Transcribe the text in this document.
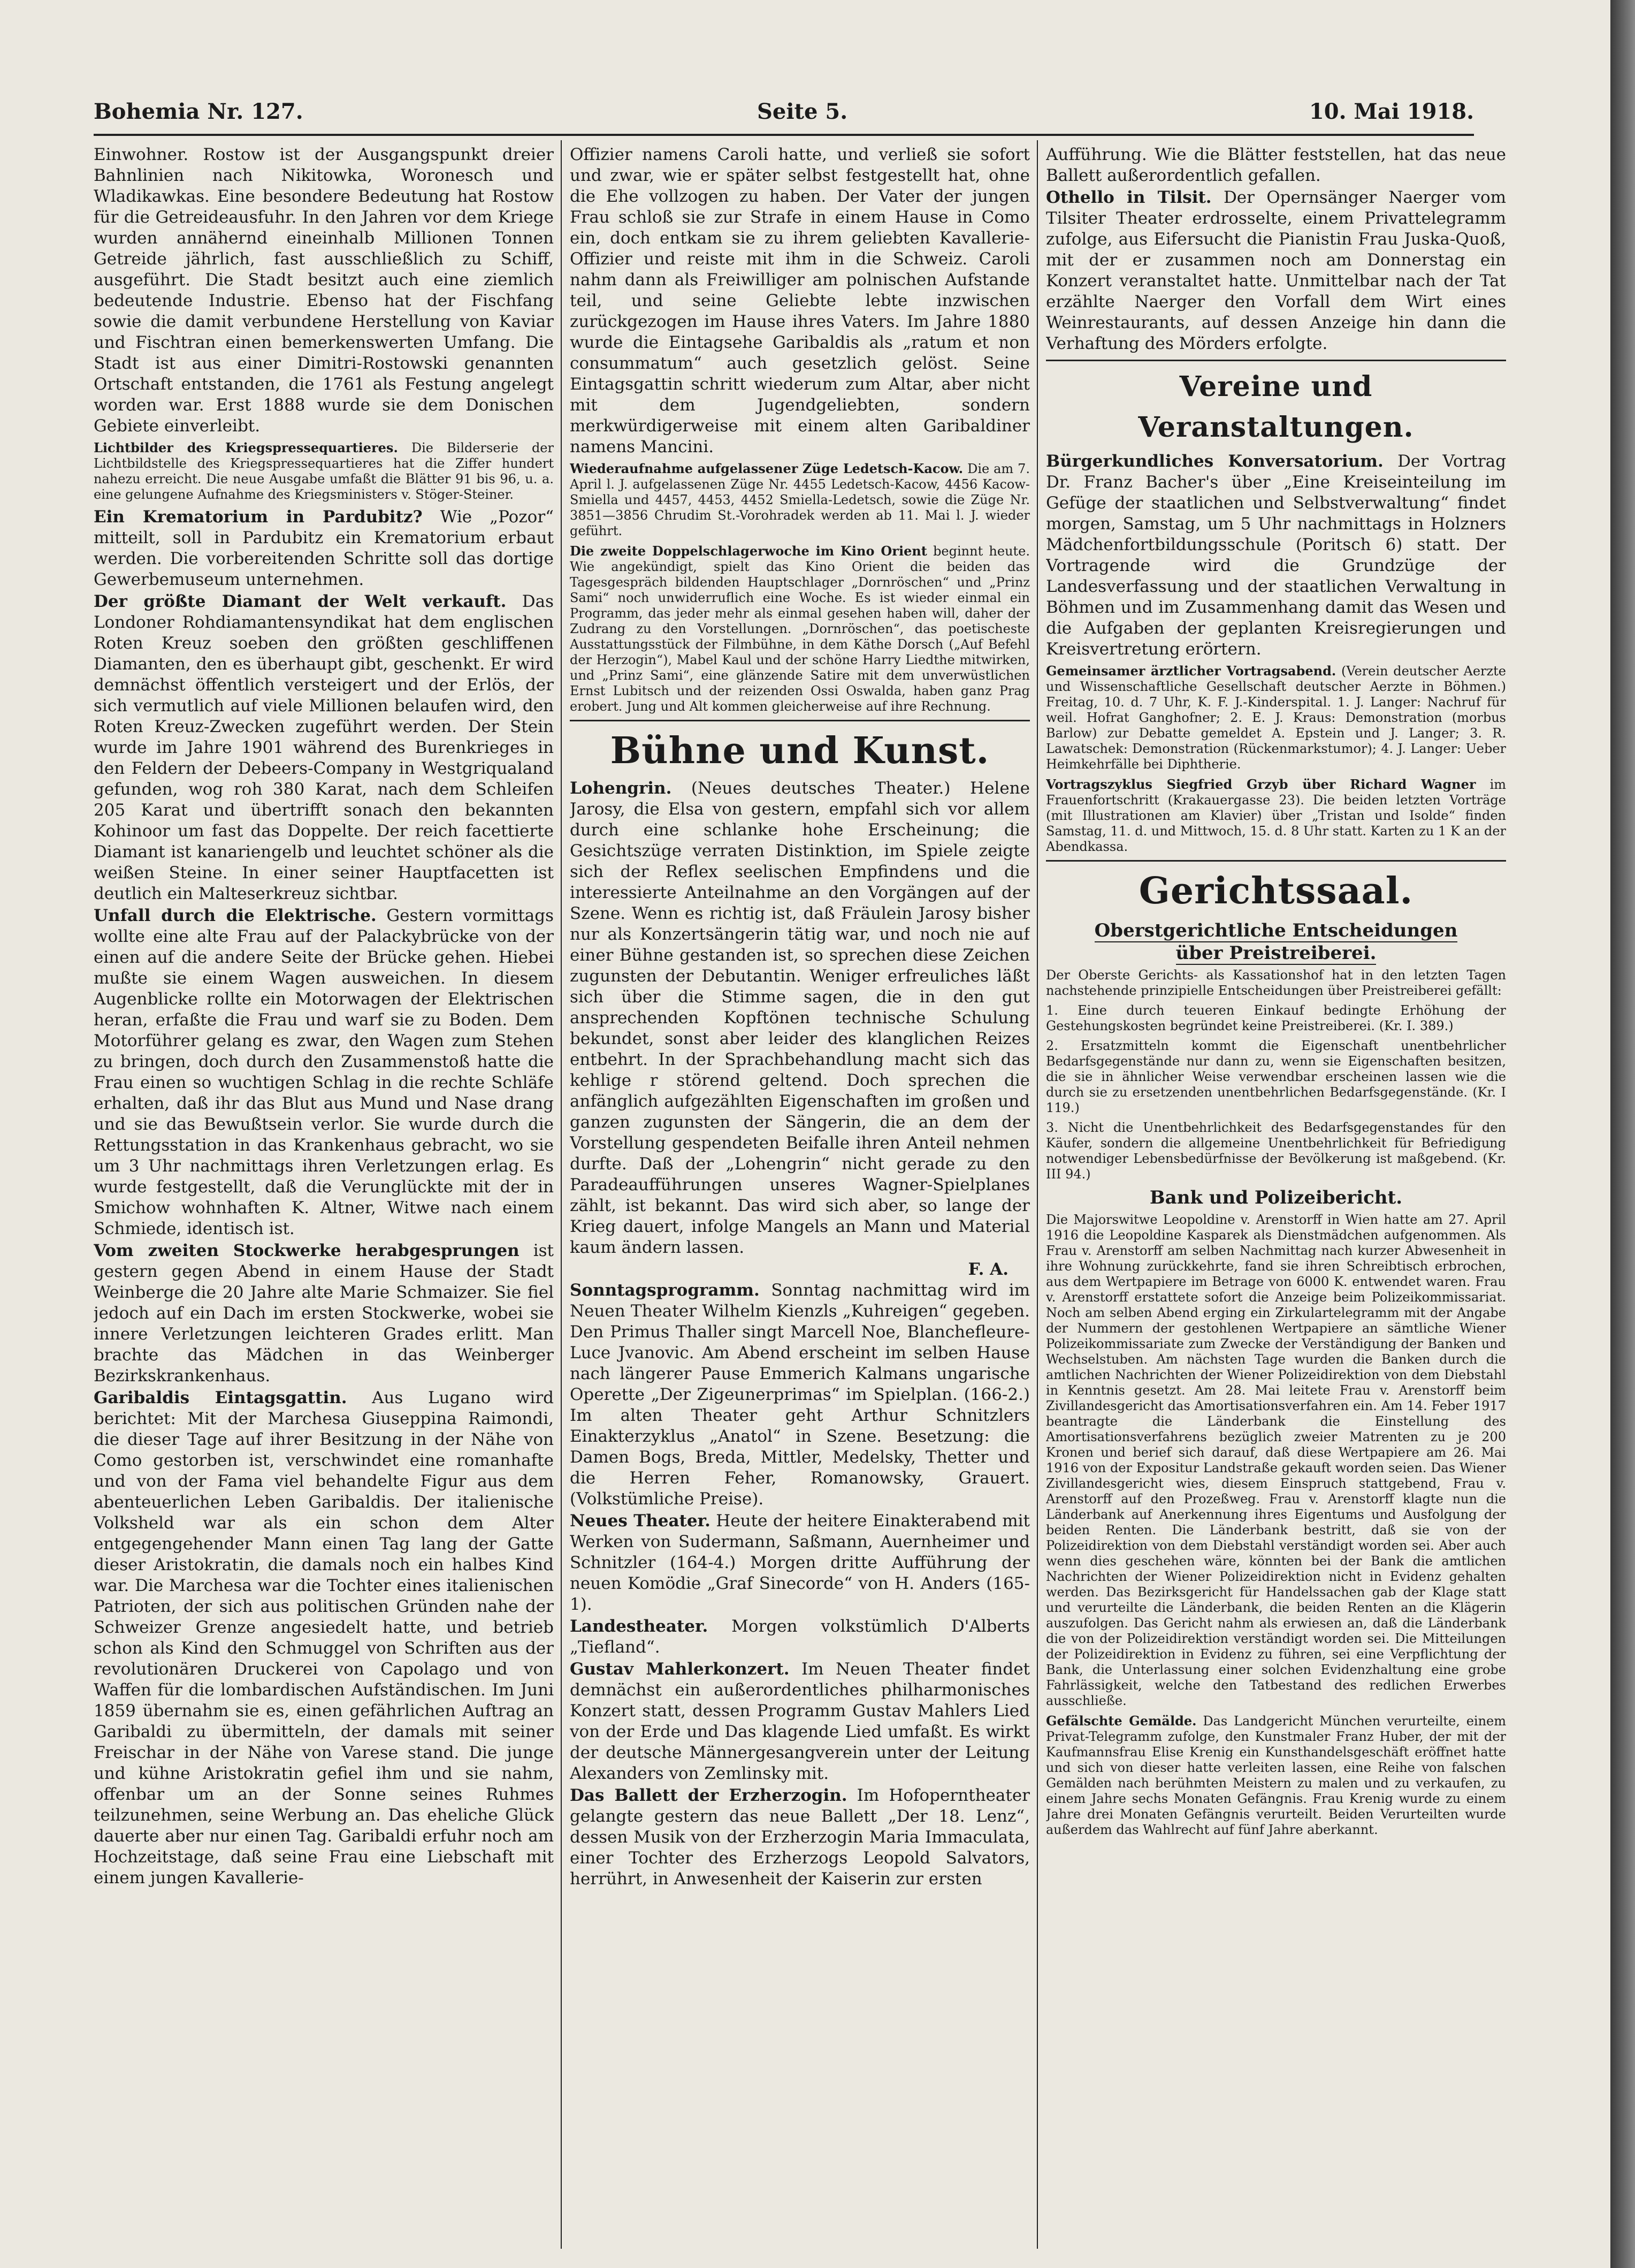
Bohemia Nr. 127.	Seite 5.	10. Mai 1918.

Einwohner. Rostow ist der Ausgangspunkt dreier Bahnlinien nach Nikitowka, Woronesch und Wladikawkas. Eine besondere Bedeutung hat Rostow für die Getreideausfuhr. In den Jahren vor dem Kriege wurden annähernd eineinhalb Millionen Tonnen Getreide jährlich, fast ausschließlich zu Schiff, ausgeführt. Die Stadt besitzt auch eine ziemlich bedeutende Industrie. Ebenso hat der Fischfang sowie die damit verbundene Herstellung von Kaviar und Fischtran einen bemerkenswerten Umfang. Die Stadt ist aus einer Dimitri-Rostowski genannten Ortschaft entstanden, die 1761 als Festung angelegt worden war. Erst 1888 wurde sie dem Donischen Gebiete einverleibt.

Lichtbilder des Kriegspressequartieres. Die Bilderserie der Lichtbildstelle des Kriegspressequartieres hat die Ziffer hundert nahezu erreicht. Die neue Ausgabe umfaßt die Blätter 91 bis 96, u. a. eine gelungene Aufnahme des Kriegsministers v. Stöger-Steiner.

Ein Krematorium in Pardubitz? Wie „Pozor“ mitteilt, soll in Pardubitz ein Krematorium erbaut werden. Die vorbereitenden Schritte soll das dortige Gewerbemuseum unternehmen.

Der größte Diamant der Welt verkauft. Das Londoner Rohdiamantensyndikat hat dem englischen Roten Kreuz soeben den größten geschliffenen Diamanten, den es überhaupt gibt, geschenkt. Er wird demnächst öffentlich versteigert und der Erlös, der sich vermutlich auf viele Millionen belaufen wird, den Roten Kreuz-Zwecken zugeführt werden. Der Stein wurde im Jahre 1901 während des Burenkrieges in den Feldern der Debeers-Company in Westgriqualand gefunden, wog roh 380 Karat, nach dem Schleifen 205 Karat und übertrifft sonach den bekannten Kohinoor um fast das Doppelte. Der reich facettierte Diamant ist kanariengelb und leuchtet schöner als die weißen Steine. In einer seiner Hauptfacetten ist deutlich ein Malteserkreuz sichtbar.

Unfall durch die Elektrische. Gestern vormittags wollte eine alte Frau auf der Palackybrücke von der einen auf die andere Seite der Brücke gehen. Hiebei mußte sie einem Wagen ausweichen. In diesem Augenblicke rollte ein Motorwagen der Elektrischen heran, erfaßte die Frau und warf sie zu Boden. Dem Motorführer gelang es zwar, den Wagen zum Stehen zu bringen, doch durch den Zusammenstoß hatte die Frau einen so wuchtigen Schlag in die rechte Schläfe erhalten, daß ihr das Blut aus Mund und Nase drang und sie das Bewußtsein verlor. Sie wurde durch die Rettungsstation in das Krankenhaus gebracht, wo sie um 3 Uhr nachmittags ihren Verletzungen erlag. Es wurde festgestellt, daß die Verunglückte mit der in Smichow wohnhaften K. Altner, Witwe nach einem Schmiede, identisch ist.

Vom zweiten Stockwerke herabgesprungen ist gestern gegen Abend in einem Hause der Stadt Weinberge die 20 Jahre alte Marie Schmaizer. Sie fiel jedoch auf ein Dach im ersten Stockwerke, wobei sie innere Verletzungen leichteren Grades erlitt. Man brachte das Mädchen in das Weinberger Bezirkskrankenhaus.

Garibaldis Eintagsgattin. Aus Lugano wird berichtet: Mit der Marchesa Giuseppina Raimondi, die dieser Tage auf ihrer Besitzung in der Nähe von Como gestorben ist, verschwindet eine romanhafte und von der Fama viel behandelte Figur aus dem abenteuerlichen Leben Garibaldis. Der italienische Volksheld war als ein schon dem Alter entgegengehender Mann einen Tag lang der Gatte dieser Aristokratin, die damals noch ein halbes Kind war. Die Marchesa war die Tochter eines italienischen Patrioten, der sich aus politischen Gründen nahe der Schweizer Grenze angesiedelt hatte, und betrieb schon als Kind den Schmuggel von Schriften aus der revolutionären Druckerei von Capolago und von Waffen für die lombardischen Aufständischen. Im Juni 1859 übernahm sie es, einen gefährlichen Auftrag an Garibaldi zu übermitteln, der damals mit seiner Freischar in der Nähe von Varese stand. Die junge und kühne Aristokratin gefiel ihm und sie nahm, offenbar um an der Sonne seines Ruhmes teilzunehmen, seine Werbung an. Das eheliche Glück dauerte aber nur einen Tag. Garibaldi erfuhr noch am Hochzeitstage, daß seine Frau eine Liebschaft mit einem jungen Kavallerie-

Offizier namens Caroli hatte, und verließ sie sofort und zwar, wie er später selbst festgestellt hat, ohne die Ehe vollzogen zu haben. Der Vater der jungen Frau schloß sie zur Strafe in einem Hause in Como ein, doch entkam sie zu ihrem geliebten Kavallerie-Offizier und reiste mit ihm in die Schweiz. Caroli nahm dann als Freiwilliger am polnischen Aufstande teil, und seine Geliebte lebte inzwischen zurückgezogen im Hause ihres Vaters. Im Jahre 1880 wurde die Eintagsehe Garibaldis als „ratum et non consummatum“ auch gesetzlich gelöst. Seine Eintagsgattin schritt wiederum zum Altar, aber nicht mit dem Jugendgeliebten, sondern merkwürdigerweise mit einem alten Garibaldiner namens Mancini.

Wiederaufnahme aufgelassener Züge Ledetsch-Kacow. Die am 7. April l. J. aufgelassenen Züge Nr. 4455 Ledetsch-Kacow, 4456 Kacow-Smiella und 4457, 4453, 4452 Smiella-Ledetsch, sowie die Züge Nr. 3851—3856 Chrudim St.-Vorohradek werden ab 11. Mai l. J. wieder geführt.

Die zweite Doppelschlagerwoche im Kino Orient beginnt heute. Wie angekündigt, spielt das Kino Orient die beiden das Tagesgespräch bildenden Hauptschlager „Dornröschen“ und „Prinz Sami“ noch unwiderruflich eine Woche. Es ist wieder einmal ein Programm, das jeder mehr als einmal gesehen haben will, daher der Zudrang zu den Vorstellungen. „Dornröschen“, das poetischeste Ausstattungsstück der Filmbühne, in dem Käthe Dorsch („Auf Befehl der Herzogin“), Mabel Kaul und der schöne Harry Liedthe mitwirken, und „Prinz Sami“, eine glänzende Satire mit dem unverwüstlichen Ernst Lubitsch und der reizenden Ossi Oswalda, haben ganz Prag erobert. Jung und Alt kommen gleicherweise auf ihre Rechnung.

Bühne und Kunst.

Lohengrin. (Neues deutsches Theater.) Helene Jarosy, die Elsa von gestern, empfahl sich vor allem durch eine schlanke hohe Erscheinung; die Gesichtszüge verraten Distinktion, im Spiele zeigte sich der Reflex seelischen Empfindens und die interessierte Anteilnahme an den Vorgängen auf der Szene. Wenn es richtig ist, daß Fräulein Jarosy bisher nur als Konzertsängerin tätig war, und noch nie auf einer Bühne gestanden ist, so sprechen diese Zeichen zugunsten der Debutantin. Weniger erfreuliches läßt sich über die Stimme sagen, die in den gut ansprechenden Kopftönen technische Schulung bekundet, sonst aber leider des klanglichen Reizes entbehrt. In der Sprachbehandlung macht sich das kehlige r störend geltend. Doch sprechen die anfänglich aufgezählten Eigenschaften im großen und ganzen zugunsten der Sängerin, die an dem der Vorstellung gespendeten Beifalle ihren Anteil nehmen durfte. Daß der „Lohengrin“ nicht gerade zu den Paradeaufführungen unseres Wagner-Spielplanes zählt, ist bekannt. Das wird sich aber, so lange der Krieg dauert, infolge Mangels an Mann und Material kaum ändern lassen.

F. A.

Sonntagsprogramm. Sonntag nachmittag wird im Neuen Theater Wilhelm Kienzls „Kuhreigen“ gegeben. Den Primus Thaller singt Marcell Noe, Blanchefleure-Luce Jvanovic. Am Abend erscheint im selben Hause nach längerer Pause Emmerich Kalmans ungarische Operette „Der Zigeunerprimas“ im Spielplan. (166-2.) Im alten Theater geht Arthur Schnitzlers Einakterzyklus „Anatol“ in Szene. Besetzung: die Damen Bogs, Breda, Mittler, Medelsky, Thetter und die Herren Feher, Romanowsky, Grauert. (Volkstümliche Preise).

Neues Theater. Heute der heitere Einakterabend mit Werken von Sudermann, Saßmann, Auernheimer und Schnitzler (164-4.) Morgen dritte Aufführung der neuen Komödie „Graf Sinecorde“ von H. Anders (165-1).

Landestheater. Morgen volkstümlich D'Alberts „Tiefland“.

Gustav Mahlerkonzert. Im Neuen Theater findet demnächst ein außerordentliches philharmonisches Konzert statt, dessen Programm Gustav Mahlers Lied von der Erde und Das klagende Lied umfaßt. Es wirkt der deutsche Männergesangverein unter der Leitung Alexanders von Zemlinsky mit.

Das Ballett der Erzherzogin. Im Hofoperntheater gelangte gestern das neue Ballett „Der 18. Lenz“, dessen Musik von der Erzherzogin Maria Immaculata, einer Tochter des Erzherzogs Leopold Salvators, herrührt, in Anwesenheit der Kaiserin zur ersten

Aufführung. Wie die Blätter feststellen, hat das neue Ballett außerordentlich gefallen.

Othello in Tilsit. Der Opernsänger Naerger vom Tilsiter Theater erdrosselte, einem Privattelegramm zufolge, aus Eifersucht die Pianistin Frau Juska-Quoß, mit der er zusammen noch am Donnerstag ein Konzert veranstaltet hatte. Unmittelbar nach der Tat erzählte Naerger den Vorfall dem Wirt eines Weinrestaurants, auf dessen Anzeige hin dann die Verhaftung des Mörders erfolgte.

Vereine und Veranstaltungen.

Bürgerkundliches Konversatorium. Der Vortrag Dr. Franz Bacher's über „Eine Kreiseinteilung im Gefüge der staatlichen und Selbstverwaltung“ findet morgen, Samstag, um 5 Uhr nachmittags in Holzners Mädchenfortbildungsschule (Poritsch 6) statt. Der Vortragende wird die Grundzüge der Landesverfassung und der staatlichen Verwaltung in Böhmen und im Zusammenhang damit das Wesen und die Aufgaben der geplanten Kreisregierungen und Kreisvertretung erörtern.

Gemeinsamer ärztlicher Vortragsabend. (Verein deutscher Aerzte und Wissenschaftliche Gesellschaft deutscher Aerzte in Böhmen.) Freitag, 10. d. 7 Uhr, K. F. J.-Kinderspital. 1. J. Langer: Nachruf für weil. Hofrat Ganghofner; 2. E. J. Kraus: Demonstration (morbus Barlow) zur Debatte gemeldet A. Epstein und J. Langer; 3. R. Lawatschek: Demonstration (Rückenmarkstumor); 4. J. Langer: Ueber Heimkehrfälle bei Diphtherie.

Vortragszyklus Siegfried Grzyb über Richard Wagner im Frauenfortschritt (Krakauergasse 23). Die beiden letzten Vorträge (mit Illustrationen am Klavier) über „Tristan und Isolde“ finden Samstag, 11. d. und Mittwoch, 15. d. 8 Uhr statt. Karten zu 1 K an der Abendkassa.

Gerichtssaal.
Oberstgerichtliche Entscheidungen
über Preistreiberei.

Der Oberste Gerichts- als Kassationshof hat in den letzten Tagen nachstehende prinzipielle Entscheidungen über Preistreiberei gefällt:

1. Eine durch teueren Einkauf bedingte Erhöhung der Gestehungskosten begründet keine Preistreiberei. (Kr. I. 389.)

2. Ersatzmitteln kommt die Eigenschaft unentbehrlicher Bedarfsgegenstände nur dann zu, wenn sie Eigenschaften besitzen, die sie in ähnlicher Weise verwendbar erscheinen lassen wie die durch sie zu ersetzenden unentbehrlichen Bedarfsgegenstände. (Kr. I 119.)

3. Nicht die Unentbehrlichkeit des Bedarfsgegenstandes für den Käufer, sondern die allgemeine Unentbehrlichkeit für Befriedigung notwendiger Lebensbedürfnisse der Bevölkerung ist maßgebend. (Kr. III 94.)

Bank und Polizeibericht.

Die Majorswitwe Leopoldine v. Arenstorff in Wien hatte am 27. April 1916 die Leopoldine Kasparek als Dienstmädchen aufgenommen. Als Frau v. Arenstorff am selben Nachmittag nach kurzer Abwesenheit in ihre Wohnung zurückkehrte, fand sie ihren Schreibtisch erbrochen, aus dem Wertpapiere im Betrage von 6000 K. entwendet waren. Frau v. Arenstorff erstattete sofort die Anzeige beim Polizeikommissariat. Noch am selben Abend erging ein Zirkulartelegramm mit der Angabe der Nummern der gestohlenen Wertpapiere an sämtliche Wiener Polizeikommissariate zum Zwecke der Verständigung der Banken und Wechselstuben. Am nächsten Tage wurden die Banken durch die amtlichen Nachrichten der Wiener Polizeidirektion von dem Diebstahl in Kenntnis gesetzt. Am 28. Mai leitete Frau v. Arenstorff beim Zivillandesgericht das Amortisationsverfahren ein. Am 14. Feber 1917 beantragte die Länderbank die Einstellung des Amortisationsverfahrens bezüglich zweier Matrenten zu je 200 Kronen und berief sich darauf, daß diese Wertpapiere am 26. Mai 1916 von der Expositur Landstraße gekauft worden seien. Das Wiener Zivillandesgericht wies, diesem Einspruch stattgebend, Frau v. Arenstorff auf den Prozeßweg. Frau v. Arenstorff klagte nun die Länderbank auf Anerkennung ihres Eigentums und Ausfolgung der beiden Renten. Die Länderbank bestritt, daß sie von der Polizeidirektion von dem Diebstahl verständigt worden sei. Aber auch wenn dies geschehen wäre, könnten bei der Bank die amtlichen Nachrichten der Wiener Polizeidirektion nicht in Evidenz gehalten werden. Das Bezirksgericht für Handelssachen gab der Klage statt und verurteilte die Länderbank, die beiden Renten an die Klägerin auszufolgen. Das Gericht nahm als erwiesen an, daß die Länderbank die von der Polizeidirektion verständigt worden sei. Die Mitteilungen der Polizeidirektion in Evidenz zu führen, sei eine Verpflichtung der Bank, die Unterlassung einer solchen Evidenzhaltung eine grobe Fahrlässigkeit, welche den Tatbestand des redlichen Erwerbes ausschließe.

Gefälschte Gemälde. Das Landgericht München verurteilte, einem Privat-Telegramm zufolge, den Kunstmaler Franz Huber, der mit der Kaufmannsfrau Elise Krenig ein Kunsthandelsgeschäft eröffnet hatte und sich von dieser hatte verleiten lassen, eine Reihe von falschen Gemälden nach berühmten Meistern zu malen und zu verkaufen, zu einem Jahre sechs Monaten Gefängnis. Frau Krenig wurde zu einem Jahre drei Monaten Gefängnis verurteilt. Beiden Verurteilten wurde außerdem das Wahlrecht auf fünf Jahre aberkannt.
